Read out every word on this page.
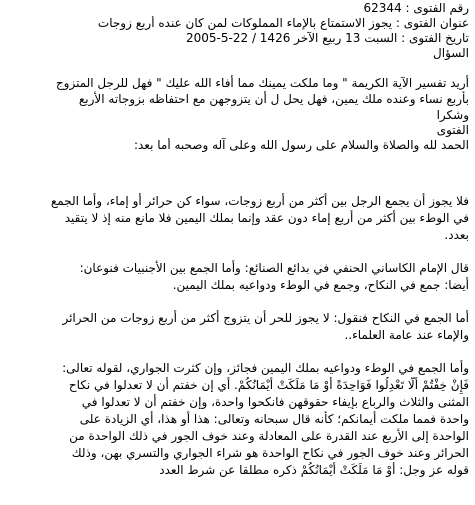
رقم الفتوى : 62344

عنوان الفتوى : يجوز الاستمتاع بالإماء المملوكات لمن كان عنده أربع زوجات

تاريخ الفتوى : السبت 13 ربيع الآخر 1426 / 22-5-2005

السؤال

أريد تفسير الآية الكريمة " وما ملكت يمينك مما أفاء الله عليك " فهل للرجل المتزوج
بأربع نساء وعنده ملك يمين، فهل يحل ل أن يتزوجهن مع احتفاظه بزوجاته الأربع
وشكرا

الفتوى

الحمد لله والصلاة والسلام على رسول الله وعلى آله وصحبه أما بعد:

فلا يجوز أن يجمع الرجل بين أكثر من أربع زوجات، سواء كن حرائر أو إماء، وأما الجمع
في الوطء بين أكثر من أربع إماء دون عقد وإنما بملك اليمين فلا مانع منه إذ لا يتقيد
بعدد.
قال الإمام الكاساني الحنفي في بدائع الصنائع: وأما الجمع بين الأجنبيات فنوعان:
أيضا: جمع في النكاح، وجمع في الوطء ودواعيه بملك اليمين.
أما الجمع في النكاح فنقول: لا يجوز للحر أن يتزوج أكثر من أربع زوجات من الحرائر
والإماء عند عامة العلماء..
وأما الجمع في الوطء ودواعيه بملك اليمين فجائز، وإن كثرت الجواري، لقوله تعالى:
فَإِنْ خِفْتُمْ أَلَّا تَعْدِلُوا فَوَاحِدَةً أَوْ مَا مَلَكَتْ أَيْمَانُكُمْ. أي إن خفتم أن لا تعدلوا في نكاح
المثنى والثلاث والرباع بإيفاء حقوقهن فانكحوا واحدة، وإن خفتم أن لا تعدلوا في
واحدة فمما ملكت أيمانكم؛ كأنه قال سبحانه وتعالى: هذا أو هذا، أي الزيادة على
الواحدة إلى الأربع عند القدرة على المعادلة وعند خوف الجور في ذلك الواحدة من
الحرائر وعند خوف الجور في نكاح الواحدة هو شراء الجواري والتسري بهن، وذلك
قوله عز وجل: أَوْ مَا مَلَكَتْ أَيْمَانُكُمْ ذكره مطلقا عن شرط العدد
